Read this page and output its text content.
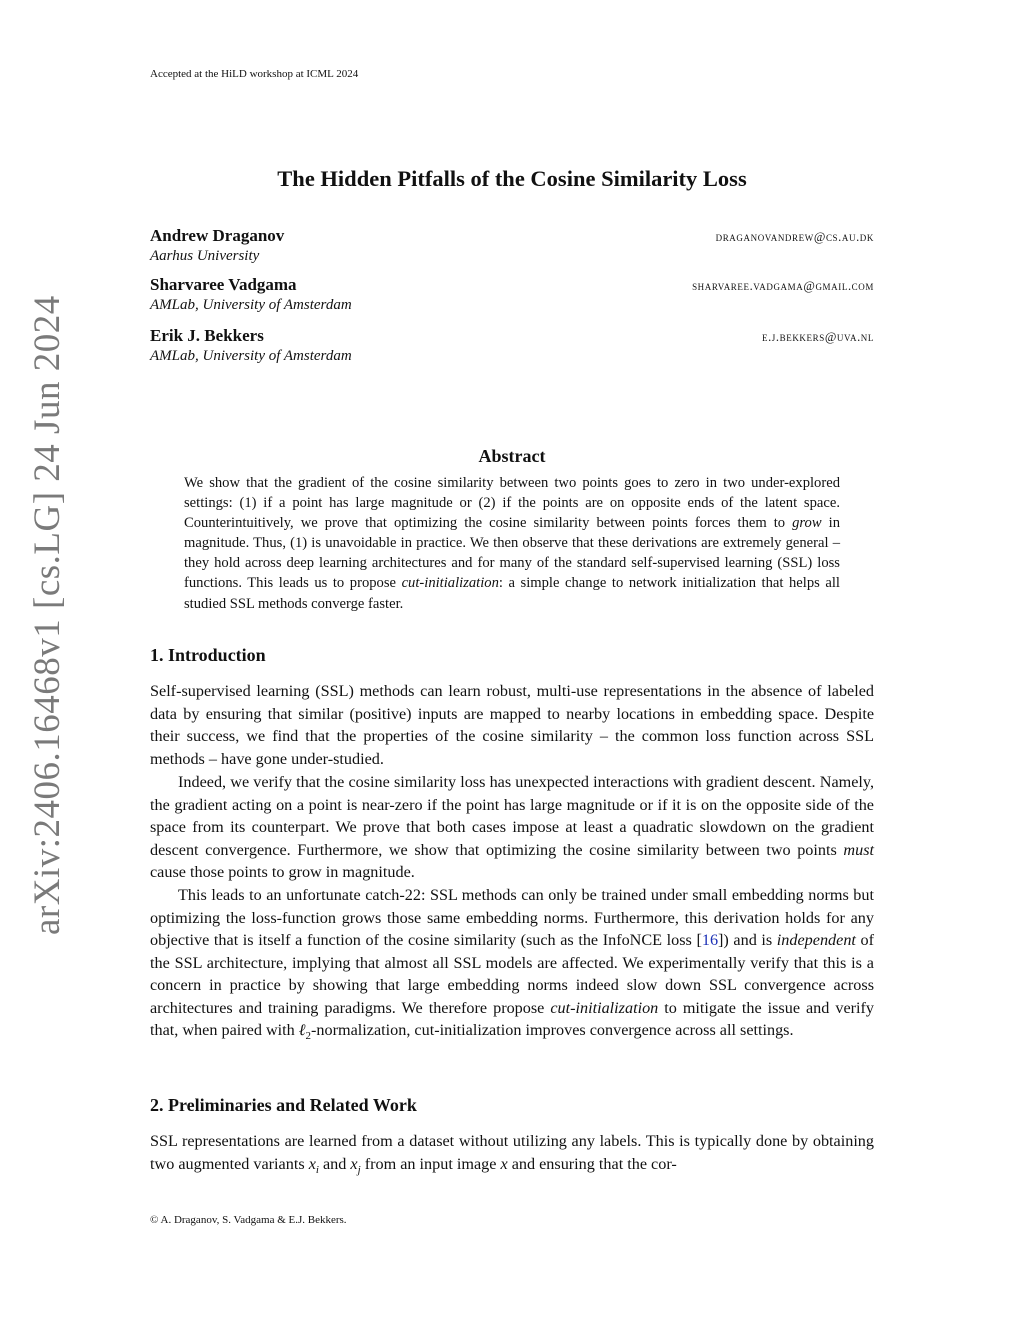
Accepted at the HiLD workshop at ICML 2024
The Hidden Pitfalls of the Cosine Similarity Loss
Andrew Draganov	draganovandrew@cs.au.dk
Aarhus University
Sharvaree Vadgama	sharvaree.vadgama@gmail.com
AMLab, University of Amsterdam
Erik J. Bekkers	e.j.bekkers@uva.nl
AMLab, University of Amsterdam
Abstract
We show that the gradient of the cosine similarity between two points goes to zero in two under-explored settings: (1) if a point has large magnitude or (2) if the points are on opposite ends of the latent space. Counterintuitively, we prove that optimizing the cosine similarity between points forces them to grow in magnitude. Thus, (1) is unavoidable in practice. We then observe that these derivations are extremely general – they hold across deep learning architectures and for many of the standard self-supervised learning (SSL) loss functions. This leads us to propose cut-initialization: a simple change to network initialization that helps all studied SSL methods converge faster.
1. Introduction
Self-supervised learning (SSL) methods can learn robust, multi-use representations in the absence of labeled data by ensuring that similar (positive) inputs are mapped to nearby locations in embedding space. Despite their success, we find that the properties of the cosine similarity – the common loss function across SSL methods – have gone under-studied.
Indeed, we verify that the cosine similarity loss has unexpected interactions with gradient descent. Namely, the gradient acting on a point is near-zero if the point has large magnitude or if it is on the opposite side of the space from its counterpart. We prove that both cases impose at least a quadratic slowdown on the gradient descent convergence. Furthermore, we show that optimizing the cosine similarity between two points must cause those points to grow in magnitude.
This leads to an unfortunate catch-22: SSL methods can only be trained under small embedding norms but optimizing the loss-function grows those same embedding norms. Furthermore, this derivation holds for any objective that is itself a function of the cosine similarity (such as the InfoNCE loss [16]) and is independent of the SSL architecture, implying that almost all SSL models are affected. We experimentally verify that this is a concern in practice by showing that large embedding norms indeed slow down SSL convergence across architectures and training paradigms. We therefore propose cut-initialization to mitigate the issue and verify that, when paired with ℓ$_2$-normalization, cut-initialization improves convergence across all settings.
2. Preliminaries and Related Work
SSL representations are learned from a dataset without utilizing any labels. This is typically done by obtaining two augmented variants $x_i$ and $x_j$ from an input image x and ensuring that the cor-
© A. Draganov, S. Vadgama & E.J. Bekkers.
arXiv:2406.16468v1 [cs.LG] 24 Jun 2024
